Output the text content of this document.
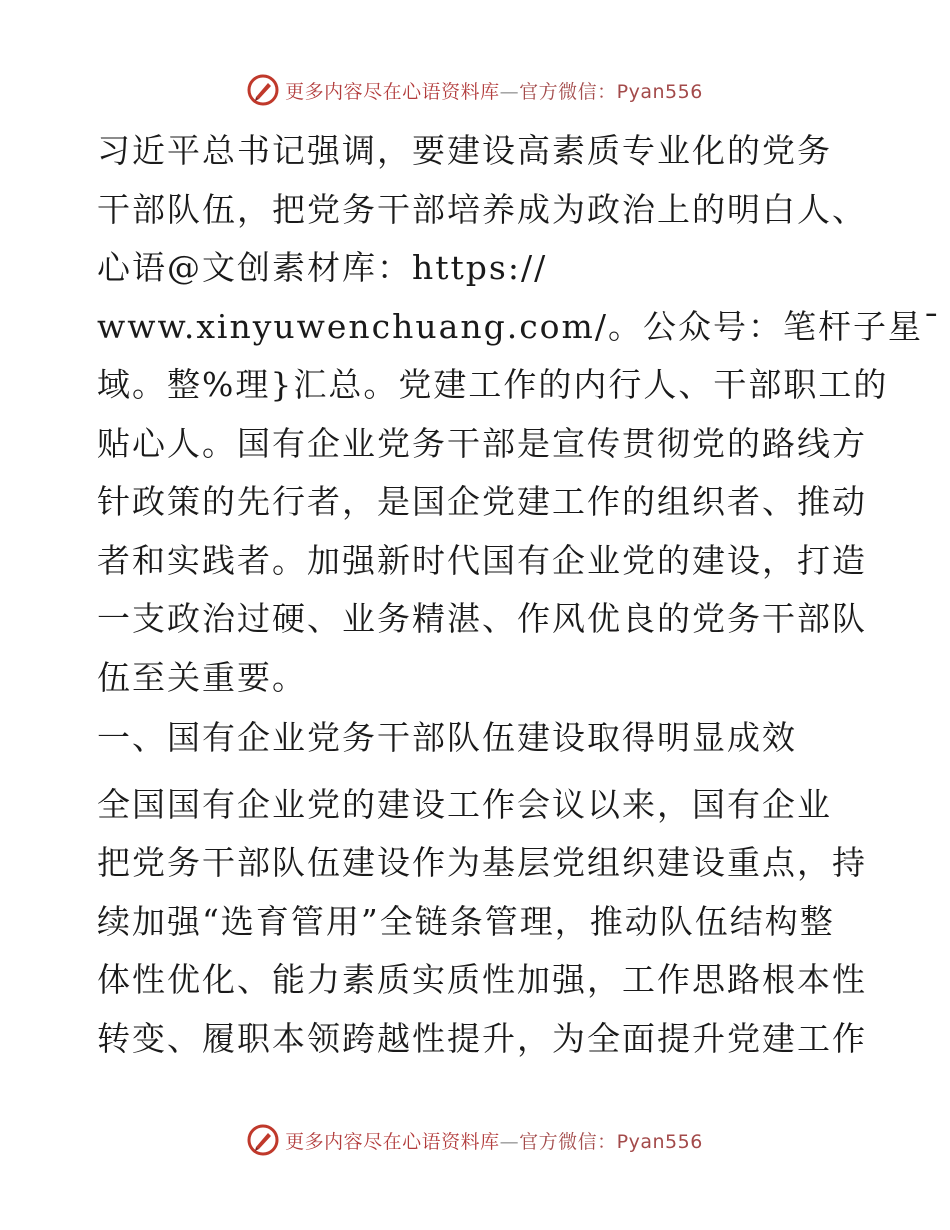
更多内容尽在心语资料库—官方微信：Pyan556
习近平总书记强调，要建设高素质专业化的党务
干部队伍，把党务干部培养成为政治上的明白人、
心语@文创素材库：https://
www.xinyuwenchuang.com/。公众号：笔杆子星¯
域。整%理}汇总。党建工作的内行人、干部职工的
贴心人。国有企业党务干部是宣传贯彻党的路线方
针政策的先行者，是国企党建工作的组织者、推动
者和实践者。加强新时代国有企业党的建设，打造
一支政治过硬、业务精湛、作风优良的党务干部队
伍至关重要。
一、国有企业党务干部队伍建设取得明显成效
全国国有企业党的建设工作会议以来，国有企业
把党务干部队伍建设作为基层党组织建设重点，持
续加强“选育管用”全链条管理，推动队伍结构整
体性优化、能力素质实质性加强，工作思路根本性
转变、履职本领跨越性提升，为全面提升党建工作
更多内容尽在心语资料库—官方微信：Pyan556
